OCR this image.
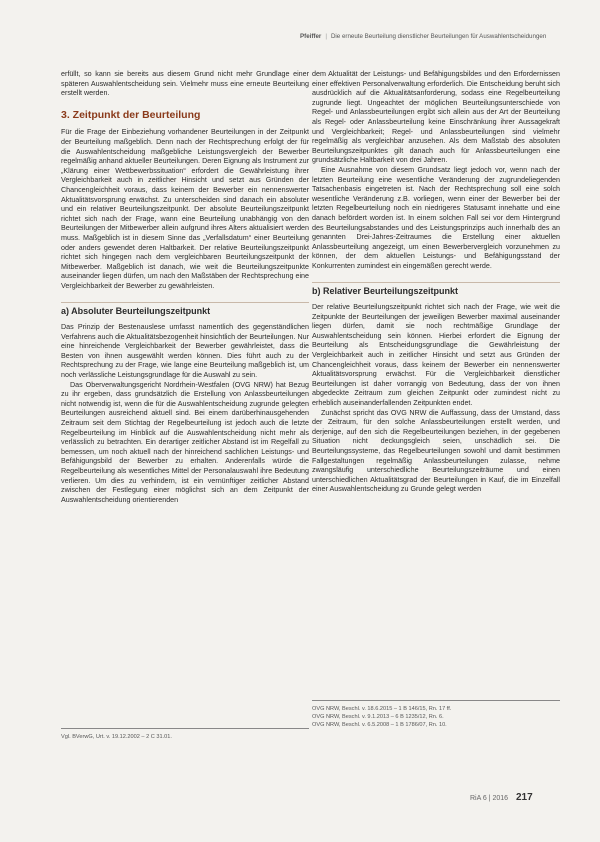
Pfeiffer | Die erneute Beurteilung dienstlicher Beurteilungen für Auswahlentscheidungen

erfüllt, so kann sie bereits aus diesem Grund nicht mehr Grundlage einer späteren Auswahlentscheidung sein. Vielmehr muss eine erneute Beurteilung erstellt werden.

3. Zeitpunkt der Beurteilung

Für die Frage der Einbeziehung vorhandener Beurteilungen in der Zeitpunkt der Beurteilung maßgeblich. Denn nach der Rechtsprechung erfolgt der für die Auswahlentscheidung maßgebliche Leistungsvergleich der Bewerber regelmäßig anhand aktueller Beurteilungen. Deren Eignung als Instrument zur „Klärung einer Wettbewerbssituation“ erfordert die Gewährleistung ihrer Vergleichbarkeit auch in zeitlicher Hinsicht und setzt aus Gründen der Chancengleichheit voraus, dass keinem der Bewerber ein nennenswerter Aktualitätsvorsprung erwächst. Zu unterscheiden sind danach ein absoluter und ein relativer Beurteilungszeitpunkt. Der absolute Beurteilungszeitpunkt richtet sich nach der Frage, wann eine Beurteilung unabhängig von den Beurteilungen der Mitbewerber allein aufgrund ihres Alters aktualisiert werden muss. Maßgeblich ist in diesem Sinne das „Verfallsdatum“ einer Beurteilung oder anders gewendet deren Haltbarkeit. Der relative Beurteilungszeitpunkt richtet sich hingegen nach dem vergleichbaren Beurteilungszeitpunkt der Mitbewerber. Maßgeblich ist danach, wie weit die Beurteilungszeitpunkte auseinander liegen dürfen, um nach den Maßstäben der Rechtsprechung eine Vergleichbarkeit der Bewerber zu gewährleisten.

a) Absoluter Beurteilungszeitpunkt

Das Prinzip der Bestenauslese umfasst namentlich des gegenständlichen Verfahrens auch die Aktualitätsbezogenheit hinsichtlich der Beurteilungen. Nur eine hinreichende Vergleichbarkeit der Bewerber gewährleistet, dass die Besten von ihnen ausgewählt werden können. Dies führt auch zu der Rechtsprechung zu der Frage, wie lange eine Beurteilung maßgeblich ist, um noch verlässliche Leistungsgrundlage für die Auswahl zu sein.

Das Oberverwaltungsgericht Nordrhein-Westfalen (OVG NRW) hat Bezug zu ihr ergeben, dass grundsätzlich die Erstellung von Anlassbeurteilungen nicht notwendig ist, wenn die für die Auswahlentscheidung zugrunde gelegten Beurteilungen ausreichend aktuell sind. Bei einem darüberhinausgehenden Zeitraum seit dem Stichtag der Regelbeurteilung ist jedoch auch die letzte Regelbeurteilung im Hinblick auf die Auswahlentscheidung nicht mehr als verlässlich zu betrachten. Ein derartiger zeitlicher Abstand ist im Regelfall zu bemessen, um noch aktuell nach der hinreichend sachlichen Leistungs- und Befähigungsbild der Bewerber zu erhalten. Anderenfalls würde die Regelbeurteilung als wesentliches Mittel der Personalauswahl ihre Bedeutung verlieren. Um dies zu verhindern, ist ein vernünftiger zeitlicher Abstand zwischen der Festlegung einer möglichst sich an dem Zeitpunkt der Auswahlentscheidung orientierenden

Vgl. BVerwG, Urt. v. 19.12.2002 – 2 C 31.01.

dem Aktualität der Leistungs- und Befähigungsbildes und den Erfordernissen einer effektiven Personalverwaltung erforderlich. Die Entscheidung beruht sich ausdrücklich auf die Aktualitätsanforderung, sodass eine Regelbeurteilung zugrunde liegt. Ungeachtet der möglichen Beurteilungsunterschiede von Regel- und Anlassbeurteilungen ergibt sich allein aus der Art der Beurteilung als Regel- oder Anlassbeurteilung keine Einschränkung ihrer Aussagekraft und Vergleichbarkeit; Regel- und Anlassbeurteilungen sind vielmehr regelmäßig als vergleichbar anzusehen. Als dem Maßstab des absoluten Beurteilungszeitpunktes gilt danach auch für Anlassbeurteilungen eine grundsätzliche Haltbarkeit von drei Jahren.

Eine Ausnahme von diesem Grundsatz liegt jedoch vor, wenn nach der letzten Beurteilung eine wesentliche Veränderung der zugrundeliegenden Tatsachenbasis eingetreten ist. Nach der Rechtsprechung soll eine solch wesentliche Veränderung z.B. vorliegen, wenn einer der Bewerber bei der letzten Regelbeurteilung noch ein niedrigeres Statusamt innehatte und eine danach befördert worden ist. In einem solchen Fall sei vor dem Hintergrund des Beurteilungsabstandes und des Leistungsprinzips auch innerhalb des an genannten Drei-Jahres-Zeitraumes die Erstellung einer aktuellen Anlassbeurteilung angezeigt, um einen Bewerbervergleich vorzunehmen zu können, der dem aktuellen Leistungs- und Befähigungsstand der Konkurrenten zumindest ein eingemäßen gerecht werde.

b) Relativer Beurteilungszeitpunkt

Der relative Beurteilungszeitpunkt richtet sich nach der Frage, wie weit die Zeitpunkte der Beurteilungen der jeweiligen Bewerber maximal auseinander liegen dürfen, damit sie noch rechtmäßige Grundlage der Auswahlentscheidung sein können. Hierbei erfordert die Eignung der Beurteilung als Entscheidungsgrundlage die Gewährleistung der Vergleichbarkeit auch in zeitlicher Hinsicht und setzt aus Gründen der Chancengleichheit voraus, dass keinem der Bewerber ein nennenswerter Aktualitätsvorsprung erwächst. Für die Vergleichbarkeit dienstlicher Beurteilungen ist daher vorrangig von Bedeutung, dass der von ihnen abgedeckte Zeitraum zum gleichen Zeitpunkt oder zumindest nicht zu erheblich auseinanderfallenden Zeitpunkten endet.

Zunächst spricht das OVG NRW die Auffassung, dass der Umstand, dass der Zeitraum, für den solche Anlassbeurteilungen erstellt werden, und derjenige, auf den sich die Regelbeurteilungen beziehen, in der gegebenen Situation nicht deckungsgleich seien, unschädlich sei. Die Beurteilungssysteme, das Regelbeurteilungen sowohl und damit bestimmen Fallgestaltungen regelmäßig Anlassbeurteilungen zulasse, nehme zwangsläufig unterschiedliche Beurteilungszeiträume und einen unterschiedlichen Aktualitätsgrad der Beurteilungen in Kauf, die im Einzelfall einer Auswahlentscheidung zu Grunde gelegt werden

OVG NRW, Beschl. v. 18.6.2015 – 1 B 146/15, Rn. 17 ff.
OVG NRW, Beschl. v. 9.1.2013 – 6 B 1235/12, Rn. 6.
OVG NRW, Beschl. v. 6.5.2008 – 1 B 1786/07, Rn. 10.
RiA 6 | 2016 217
